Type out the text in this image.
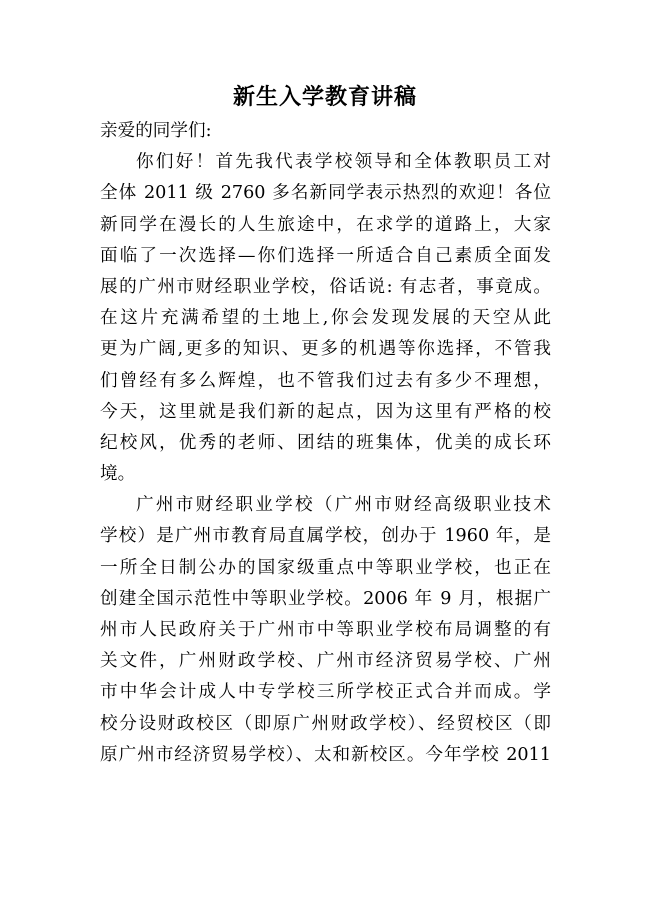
新生入学教育讲稿
亲爱的同学们:
你们好！首先我代表学校领导和全体教职员工对
全体 2011 级 2760 多名新同学表示热烈的欢迎！各位
新同学在漫长的人生旅途中，在求学的道路上，大家
面临了一次选择—你们选择一所适合自己素质全面发
展的广州市财经职业学校，俗话说: 有志者，事竟成。
在这片充满希望的土地上,你会发现发展的天空从此
更为广阔,更多的知识、更多的机遇等你选择，不管我
们曾经有多么辉煌，也不管我们过去有多少不理想，
今天，这里就是我们新的起点，因为这里有严格的校
纪校风，优秀的老师、团结的班集体，优美的成长环
境。
广州市财经职业学校（广州市财经高级职业技术
学校）是广州市教育局直属学校，创办于 1960 年，是
一所全日制公办的国家级重点中等职业学校，也正在
创建全国示范性中等职业学校。2006 年 9 月，根据广
州市人民政府关于广州市中等职业学校布局调整的有
关文件，广州财政学校、广州市经济贸易学校、广州
市中华会计成人中专学校三所学校正式合并而成。学
校分设财政校区（即原广州财政学校）、经贸校区（即
原广州市经济贸易学校）、太和新校区。今年学校 2011
